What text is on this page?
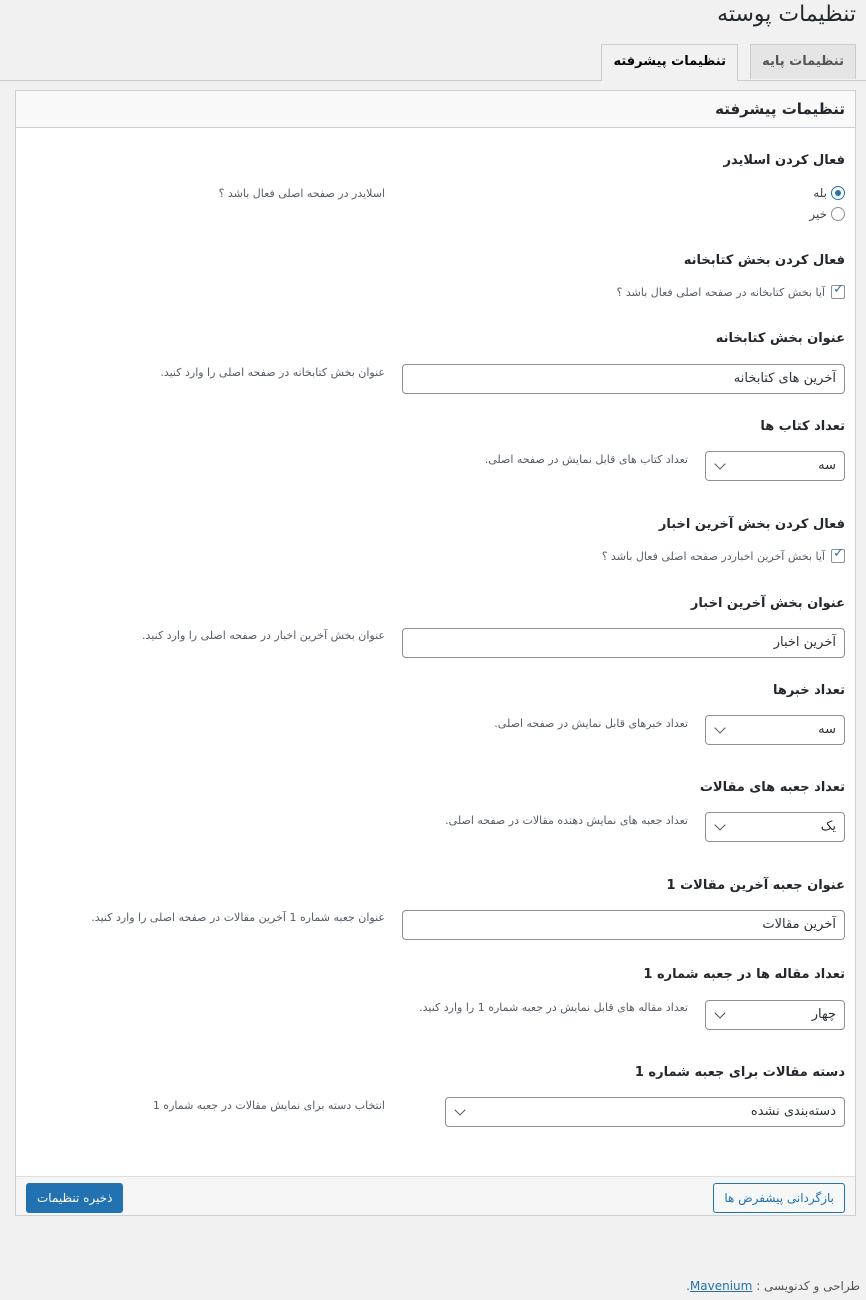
تنظیمات پوسته
تنظیمات پایه
تنظیمات پیشرفته
تنظیمات پیشرفته
فعال کردن اسلایدر
بله
خیر
اسلایدر در صفحه اصلی فعال باشد ؟
فعال کردن بخش کتابخانه
✓
آیا بخش کتابخانه در صفحه اصلی فعال باشد ؟
عنوان بخش کتابخانه
آخرین های کتابخانه
عنوان بخش کتابخانه در صفحه اصلی را وارد کنید.
تعداد کتاب ها
سه
تعداد کتاب های قابل نمایش در صفحه اصلی.
فعال کردن بخش آخرین اخبار
✓
آیا بخش آخرین اخباردر صفحه اصلی فعال باشد ؟
عنوان بخش آخرین اخبار
آخرین اخبار
عنوان بخش آخرین اخبار در صفحه اصلی را وارد کنید.
تعداد خبرها
سه
تعداد خبرهای قابل نمایش در صفحه اصلی.
تعداد جعبه های مقالات
یک
تعداد جعبه های نمایش دهنده مقالات در صفحه اصلی.
عنوان جعبه آخرین مقالات 1
آخرین مقالات
عنوان جعبه شماره 1 آخرین مقالات در صفحه اصلی را وارد کنید.
تعداد مقاله ها در جعبه شماره 1
چهار
تعداد مقاله های قابل نمایش در جعبه شماره 1 را وارد کنید.
دسته مقالات برای جعبه شماره 1
دسته‌بندی نشده
انتخاب دسته برای نمایش مقالات در جعبه شماره 1
بازگردانی پیشفرض ها
ذخیره تنظیمات
طراحی و کدنویسی : Mavenium.
